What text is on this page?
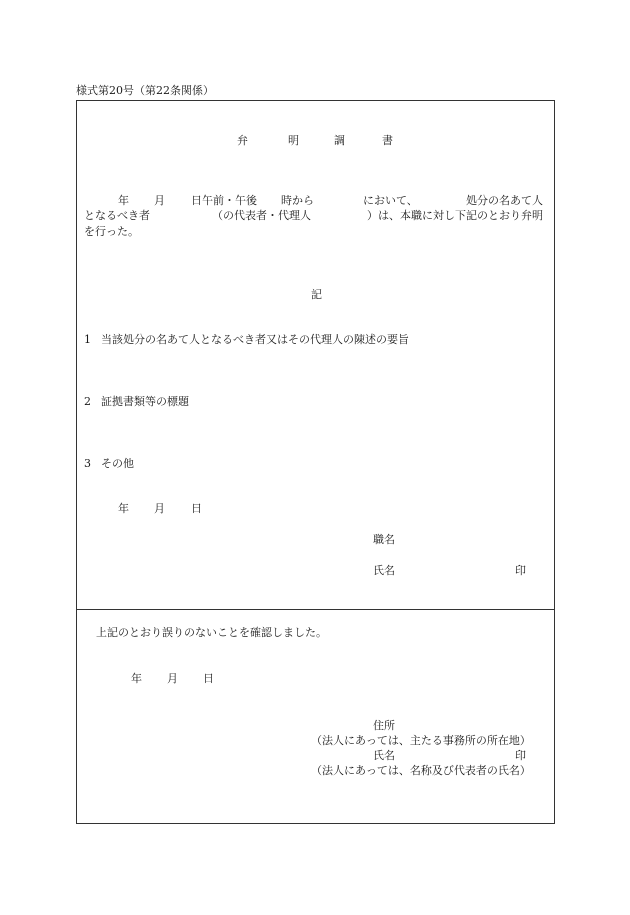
様式第20号（第22条関係）
弁	明	調	書
年 月 日午前・午後 時から	において、	処分の名あて人
となるべき者	（の代表者・代理人	）は、本職に対し下記のとおり弁明
を行った。
記
1 当該処分の名あて人となるべき者又はその代理人の陳述の要旨
2 証拠書類等の標題
3 その他
年 月 日
職名
氏名	印
上記のとおり誤りのないことを確認しました。
年 月 日
住所
（法人にあっては、主たる事務所の所在地）
氏名	印
（法人にあっては、名称及び代表者の氏名）
